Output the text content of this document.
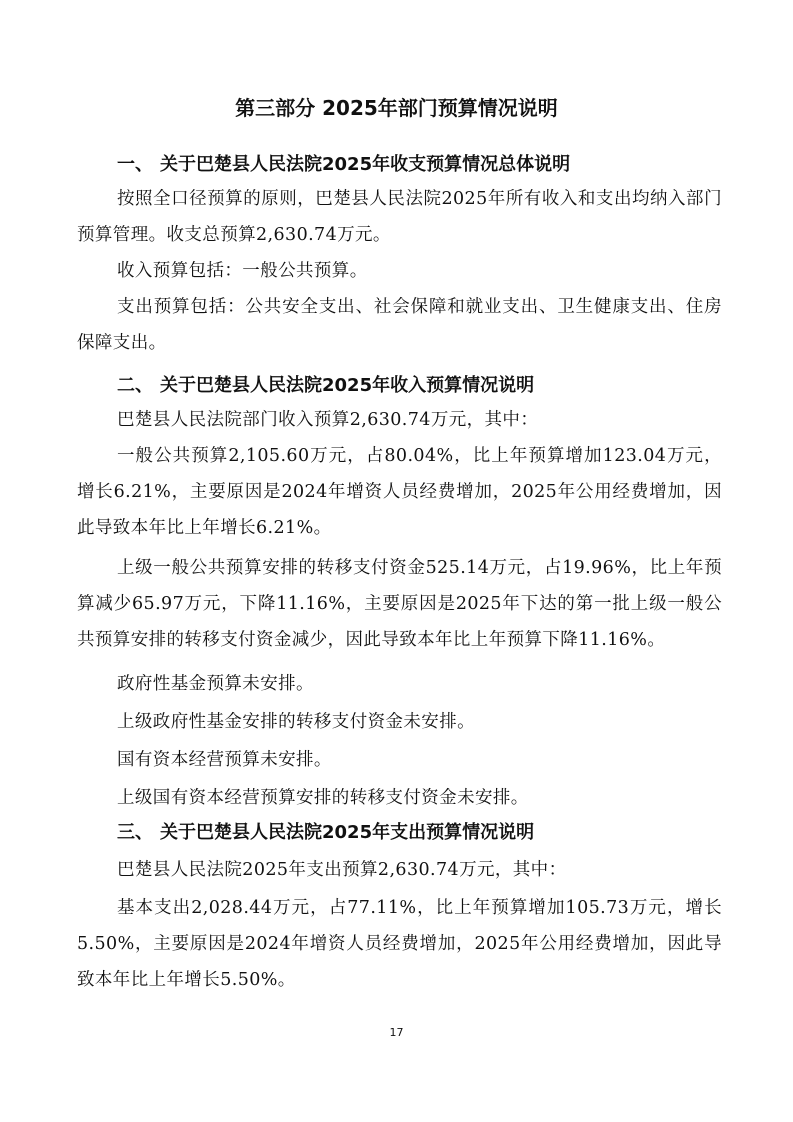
第三部分 2025年部门预算情况说明
一、 关于巴楚县人民法院2025年收支预算情况总体说明
按照全口径预算的原则，巴楚县人民法院2025年所有收入和支出均纳入部门预算管理。收支总预算2,630.74万元。
收入预算包括：一般公共预算。
支出预算包括：公共安全支出、社会保障和就业支出、卫生健康支出、住房保障支出。
二、 关于巴楚县人民法院2025年收入预算情况说明
巴楚县人民法院部门收入预算2,630.74万元，其中：
一般公共预算2,105.60万元，占80.04%，比上年预算增加123.04万元，增长6.21%，主要原因是2024年增资人员经费增加，2025年公用经费增加，因此导致本年比上年增长6.21%。
上级一般公共预算安排的转移支付资金525.14万元，占19.96%，比上年预算减少65.97万元，下降11.16%，主要原因是2025年下达的第一批上级一般公共预算安排的转移支付资金减少，因此导致本年比上年预算下降11.16%。
政府性基金预算未安排。
上级政府性基金安排的转移支付资金未安排。
国有资本经营预算未安排。
上级国有资本经营预算安排的转移支付资金未安排。
三、 关于巴楚县人民法院2025年支出预算情况说明
巴楚县人民法院2025年支出预算2,630.74万元，其中：
基本支出2,028.44万元，占77.11%，比上年预算增加105.73万元，增长5.50%，主要原因是2024年增资人员经费增加，2025年公用经费增加，因此导致本年比上年增长5.50%。
17
